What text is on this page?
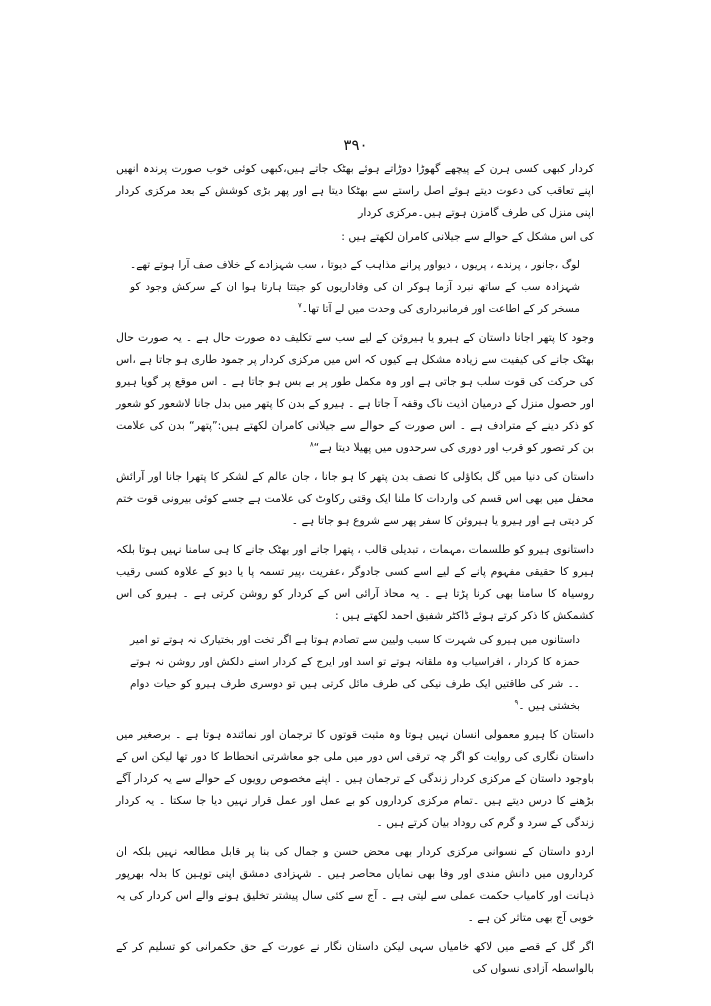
۳۹۰

کردار کبھی کسی ہرن کے پیچھے گھوڑا دوڑاتے ہوئے بھٹک جاتے ہیں،کبھی کوئی خوب صورت پرندہ انھیں اپنے تعاقب کی دعوت دیتے ہوئے اصل راستے سے بھٹکا دیتا ہے اور پھر بڑی کوشش کے بعد مرکزی کردار اپنی منزل کی طرف گامزن ہوتے ہیں۔مرکزی کردار

کی اس مشکل کے حوالے سے جیلانی کامران لکھتے ہیں :

لوگ ،جانور ، پرندے ، پریوں ، دیواور پرانے مذاہب کے دیوتا ، سب شہزادے کے خلاف صف آرا ہوتے تھے۔ شہزادہ سب کے ساتھ نبرد آزما ہوکر ان کی وفاداریوں کو جیتتا ہارتا ہوا ان کے سرکش وجود کو مسخر کر کے اطاعت اور فرمانبرداری کی وحدت میں لے آتا تھا۔$^۷$

وجود کا پتھر اجانا داستان کے ہیرو یا ہیروئن کے لیے سب سے تکلیف دہ صورت حال ہے ۔ یہ صورت حال بھٹک جانے کی کیفیت سے زیادہ مشکل ہے کیوں کہ اس میں مرکزی کردار پر جمود طاری ہو جاتا ہے ،اس کی حرکت کی قوت سلب ہو جاتی ہے اور وہ مکمل طور پر بے بس ہو جاتا ہے ۔ اس موقع پر گویا ہیرو اور حصول منزل کے درمیان اذیت ناک وقفہ آ جاتا ہے ۔ ہیرو کے بدن کا پتھر میں بدل جانا لاشعور کو شعور کو ذکر دینے کے مترادف ہے ۔ اس صورت کے حوالے سے جیلانی کامران لکھتے ہیں:”پتھر“ بدن کی علامت بن کر تصور کو قرب اور دوری کی سرحدوں میں پھیلا دیتا ہے“$^۸$

داستان کی دنیا میں گل بکاؤلی کا نصف بدن پتھر کا ہو جانا ، جان عالم کے لشکر کا پتھرا جانا اور آرائش محفل میں بھی اس قسم کی واردات کا ملنا ایک وقتی رکاوٹ کی علامت ہے جسے کوئی بیرونی قوت ختم کر دیتی ہے اور ہیرو یا ہیروئن کا سفر پھر سے شروع ہو جاتا ہے ۔

داستانوی ہیرو کو طلسمات ،مہمات ، تبدیلی قالب ، پتھرا جانے اور بھٹک جانے کا ہی سامنا نہیں ہوتا بلکہ ہیرو کا حقیقی مفہوم پانے کے لیے اسے کسی جادوگر ،عفریت ،پیر تسمہ پا یا دیو کے علاوہ کسی رقیب روسیاہ کا سامنا بھی کرنا پڑتا ہے ۔ یہ محاذ آرائی اس کے کردار کو روشن کرتی ہے ۔ ہیرو کی اس کشمکش کا ذکر کرتے ہوئے ڈاکٹر شفیق احمد لکھتے ہیں :

داستانوں میں ہیرو کی شہرت کا سبب ولیین سے تصادم ہوتا ہے اگر تخت اور بختیارک نہ ہوتے تو امیر حمزہ کا کردار ، افراسیاب وہ ملقانہ ہوتے تو اسد اور ایرج کے کردار اسنے دلکش اور روشن نہ ہوتے ۔۔ شر کی طاقتیں ایک طرف نیکی کی طرف مائل کرتی ہیں تو دوسری طرف ہیرو کو حیات دوام بخشتی ہیں ۔$^۹$

داستان کا ہیرو معمولی انسان نہیں ہوتا وہ مثبت قوتوں کا ترجمان اور نمائندہ ہوتا ہے ۔ برصغیر میں داستان نگاری کی روایت کو اگر چہ ترقی اس دور میں ملی جو معاشرتی انحطاط کا دور تھا لیکن اس کے باوجود داستان کے مرکزی کردار زندگی کے ترجمان ہیں ۔ اپنے مخصوص رویوں کے حوالے سے یہ کردار آگے بڑھنے کا درس دیتے ہیں ۔تمام مرکزی کرداروں کو بے عمل اور عمل قرار نہیں دیا جا سکتا ۔ یہ کردار زندگی کے سرد و گرم کی روداد بیان کرتے ہیں ۔

اردو داستان کے نسوانی مرکزی کردار بھی محض حسن و جمال کی بنا پر قابل مطالعہ نہیں بلکہ ان کرداروں میں دانش مندی اور وفا بھی نمایاں محاصر ہیں ۔ شہزادی دمشق اپنی توہین کا بدلہ بھرپور ذہانت اور کامیاب حکمت عملی سے لیتی ہے ۔ آج سے کئی سال پیشتر تخلیق ہونے والے اس کردار کی یہ خوبی آج بھی متاثر کن ہے ۔

اگر گل کے قصے میں لاکھ خامیاں سہی لیکن داستان نگار نے عورت کے حق حکمرانی کو تسلیم کر کے بالواسطہ آزادی نسواں کی
